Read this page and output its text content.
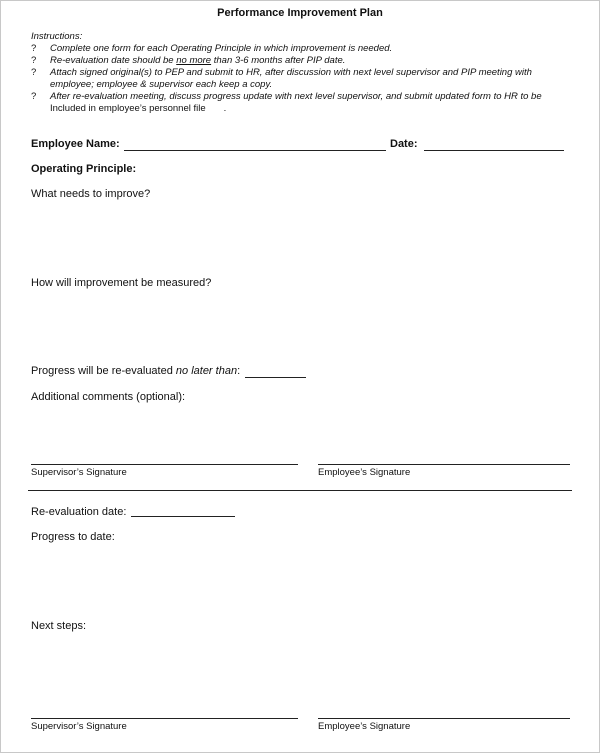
Performance Improvement Plan
Instructions:
? Complete one form for each Operating Principle in which improvement is needed.
? Re-evaluation date should be no more than 3-6 months after PIP date.
? Attach signed original(s) to PEP and submit to HR, after discussion with next level supervisor and PIP meeting with
employee; employee & supervisor each keep a copy.
? After re-evaluation meeting, discuss progress update with next level supervisor, and submit updated form to HR to be
Included in employee’s personnel file .
Employee Name:	Date:
Operating Principle:
What needs to improve?
How will improvement be measured?
Progress will be re-evaluated no later than:
Additional comments (optional):
Supervisor’s Signature	Employee’s Signature
Re-evaluation date:
Progress to date:
Next steps:
Supervisor’s Signature	Employee’s Signature
